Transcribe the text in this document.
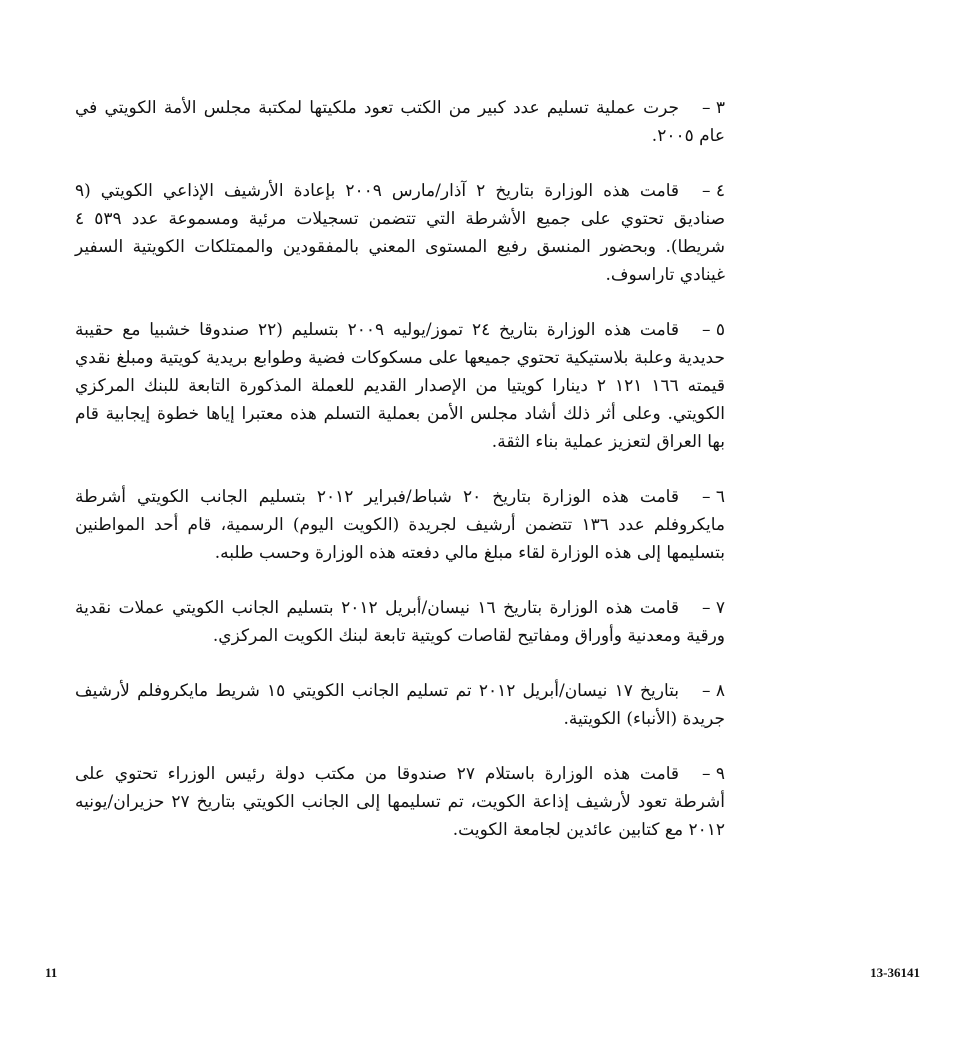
٣ –جرت عملية تسليم عدد كبير من الكتب تعود ملكيتها لمكتبة مجلس الأمة الكويتي في عام ٢٠٠٥.

٤ –قامت هذه الوزارة بتاريخ ٢ آذار/مارس ٢٠٠٩ بإعادة الأرشيف الإذاعي الكويتي (٩ صناديق تحتوي على جميع الأشرطة التي تتضمن تسجيلات مرئية ومسموعة عدد ٥٣٩ ٤ شريطا). وبحضور المنسق رفيع المستوى المعني بالمفقودين والممتلكات الكويتية السفير غينادي تاراسوف.

٥ –قامت هذه الوزارة بتاريخ ٢٤ تموز/يوليه ٢٠٠٩ بتسليم (٢٢ صندوقا خشبيا مع حقيبة حديدية وعلبة بلاستيكية تحتوي جميعها على مسكوكات فضية وطوابع بريدية كويتية ومبلغ نقدي قيمته ١٦٦ ١٢١ ٢ دينارا كويتيا من الإصدار القديم للعملة المذكورة التابعة للبنك المركزي الكويتي. وعلى أثر ذلك أشاد مجلس الأمن بعملية التسلم هذه معتبرا إياها خطوة إيجابية قام بها العراق لتعزيز عملية بناء الثقة.

٦ –قامت هذه الوزارة بتاريخ ٢٠ شباط/فبراير ٢٠١٢ بتسليم الجانب الكويتي أشرطة مايكروفلم عدد ١٣٦ تتضمن أرشيف لجريدة (الكويت اليوم) الرسمية، قام أحد المواطنين بتسليمها إلى هذه الوزارة لقاء مبلغ مالي دفعته هذه الوزارة وحسب طلبه.

٧ –قامت هذه الوزارة بتاريخ ١٦ نيسان/أبريل ٢٠١٢ بتسليم الجانب الكويتي عملات نقدية ورقية ومعدنية وأوراق ومفاتيح لقاصات كويتية تابعة لبنك الكويت المركزي.

٨ –بتاريخ ١٧ نيسان/أبريل ٢٠١٢ تم تسليم الجانب الكويتي ١٥ شريط مايكروفلم لأرشيف جريدة (الأنباء) الكويتية.

٩ –قامت هذه الوزارة باستلام ٢٧ صندوقا من مكتب دولة رئيس الوزراء تحتوي على أشرطة تعود لأرشيف إذاعة الكويت، تم تسليمها إلى الجانب الكويتي بتاريخ ٢٧ حزيران/يونيه ٢٠١٢ مع كتابين عائدين لجامعة الكويت.

11	13-36141
